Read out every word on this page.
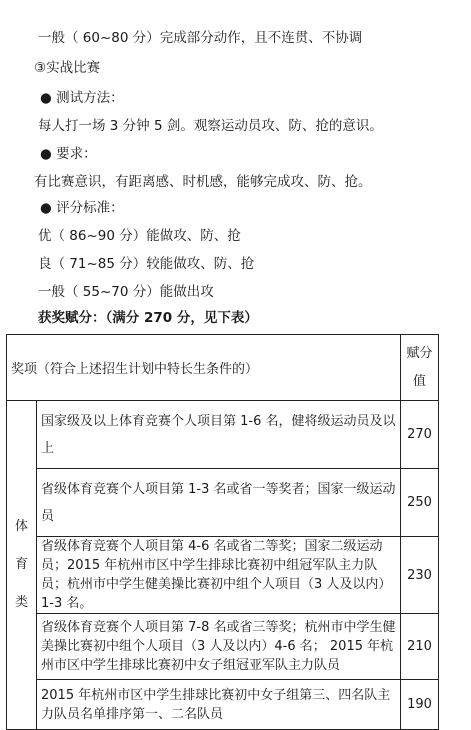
一般（ 60~80 分）完成部分动作，且不连贯、不协调
③实战比赛
● 测试方法：
每人打一场 3 分钟 5 剑。观察运动员攻、防、抢的意识。
● 要求：
有比赛意识，有距离感、时机感，能够完成攻、防、抢。
● 评分标准：
优（ 86~90 分）能做攻、防、抢
良（ 71~85 分）较能做攻、防、抢
一般（ 55~70 分）能做出攻
获奖赋分：（满分 270 分，见下表）
奖项（符合上述招生计划中特长生条件的）		赋分
值

体
育
类	国家级及以上体育竞赛个人项目第 1-6 名，健将级运动员及以上	270
	省级体育竞赛个人项目第 1-3 名或省一等奖者；国家一级运动员	250
	省级体育竞赛个人项目第 4-6 名或省二等奖；国家二级运动员；2015 年杭州市区中学生排球比赛初中组冠军队主力队员；杭州市中学生健美操比赛初中组个人项目（3 人及以内）1-3 名。	230
	省级体育竞赛个人项目第 7-8 名或省三等奖；杭州市中学生健美操比赛初中组个人项目（3 人及以内）4-6 名； 2015 年杭州市区中学生排球比赛初中女子组冠亚军队主力队员	210
	2015 年杭州市区中学生排球比赛初中女子组第三、四名队主力队员名单排序第一、二名队员	190
